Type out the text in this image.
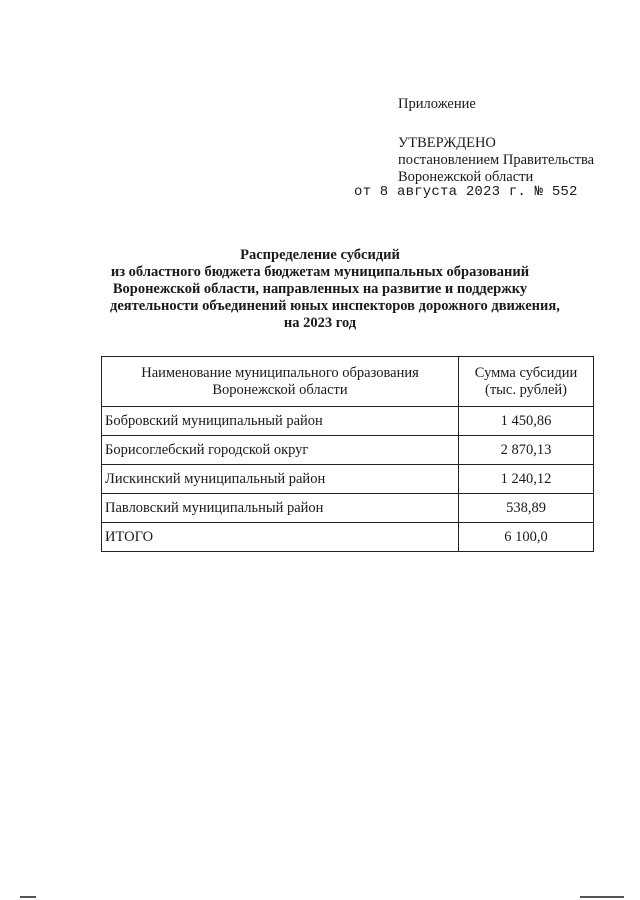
Приложение
УТВЕРЖДЕНО
постановлением Правительства
Воронежской области
от 8 августа 2023 г. № 552
Распределение субсидий
из областного бюджета бюджетам муниципальных образований
Воронежской области, направленных на развитие и поддержку
деятельности объединений юных инспекторов дорожного движения,
на 2023 год
Наименование муниципального образования
Воронежской области	Сумма субсидии
(тыс. рублей)
Бобровский муниципальный район	1 450,86
Борисоглебский городской округ	2 870,13
Лискинский муниципальный район	1 240,12
Павловский муниципальный район	538,89
ИТОГО	6 100,0
